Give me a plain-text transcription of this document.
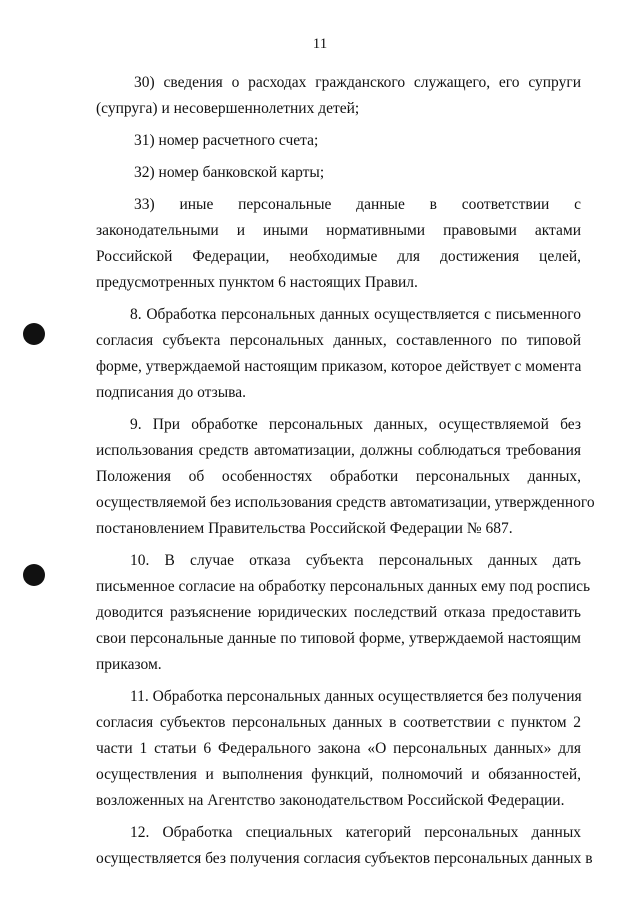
11
30) сведения о расходах гражданского служащего, его супруги
(супруга) и несовершеннолетних детей;
31) номер расчетного счета;
32) номер банковской карты;
33) иные персональные данные в соответствии с
законодательными и иными нормативными правовыми актами
Российской Федерации, необходимые для достижения целей,
предусмотренных пунктом 6 настоящих Правил.
8. Обработка персональных данных осуществляется с письменного
согласия субъекта персональных данных, составленного по типовой
форме, утверждаемой настоящим приказом, которое действует с момента
подписания до отзыва.
9. При обработке персональных данных, осуществляемой без
использования средств автоматизации, должны соблюдаться требования
Положения об особенностях обработки персональных данных,
осуществляемой без использования средств автоматизации, утвержденного
постановлением Правительства Российской Федерации № 687.
10. В случае отказа субъекта персональных данных дать
письменное согласие на обработку персональных данных ему под роспись
доводится разъяснение юридических последствий отказа предоставить
свои персональные данные по типовой форме, утверждаемой настоящим
приказом.
11. Обработка персональных данных осуществляется без получения
согласия субъектов персональных данных в соответствии с пунктом 2
части 1 статьи 6 Федерального закона «О персональных данных» для
осуществления и выполнения функций, полномочий и обязанностей,
возложенных на Агентство законодательством Российской Федерации.
12. Обработка специальных категорий персональных данных
осуществляется без получения согласия субъектов персональных данных в
